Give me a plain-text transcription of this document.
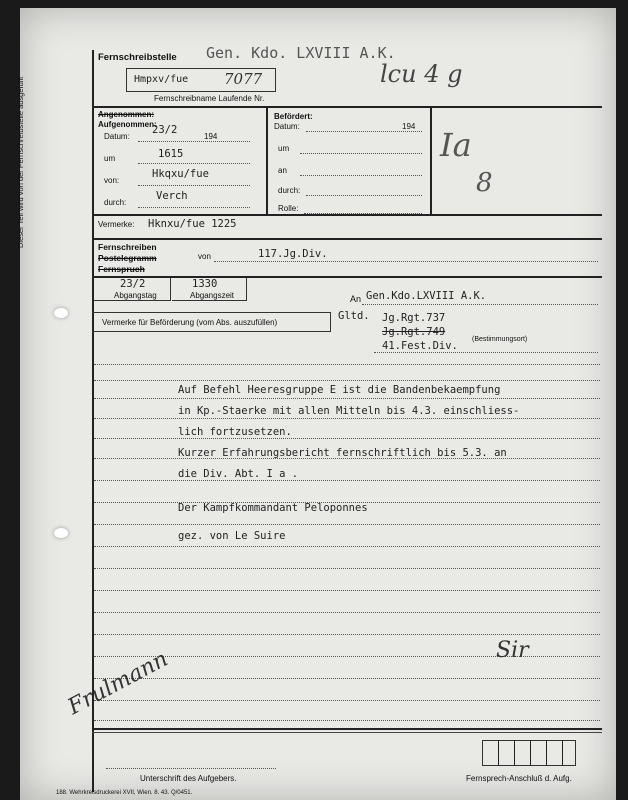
Dieser Teil wird von der Fernschreibstelle ausgefüllt
Fernschreibstelle Gen. Kdo. LXVIII A.K.
lcu 4 g
Hmpxv/fue 7077
Fernschreibname Laufende Nr.
Angenommen:
Aufgenommen:
Datum:
23/2
194
um	1615
von:
Hkqxu/fue
durch:
Verch
Befördert:
Datum:	194
um
an
durch:
Rolle:
Ia
8
Vermerke: Hknxu/fue 1225
Fernschreiben
Postelegramm
Fernspruch
von	117.Jg.Div.
23/2
Abgangstag
1330
Abgangszeit	An Gen.Kdo.LXVIII A.K.
Gltd. Jg.Rgt.737
Jg.Rgt.749
41.Fest.Div.
(Bestimmungsort)
Vermerke für Beförderung (vom Abs. auszufüllen)
Auf Befehl Heeresgruppe E ist die Bandenbekaempfung
in Kp.-Staerke mit allen Mitteln bis 4.3. einschliess-
lich fortzusetzen.
Kurzer Erfahrungsbericht fernschriftlich bis 5.3. an
die Div. Abt. I a .
Der Kampfkommandant Peloponnes
gez. von Le Suire
Sir
Frulmann
Unterschrift des Aufgebers.	Fernsprech-Anschluß d. Aufg.
188. Wehrkreisdruckerei XVII, Wien. 8. 43. Q/0451.
